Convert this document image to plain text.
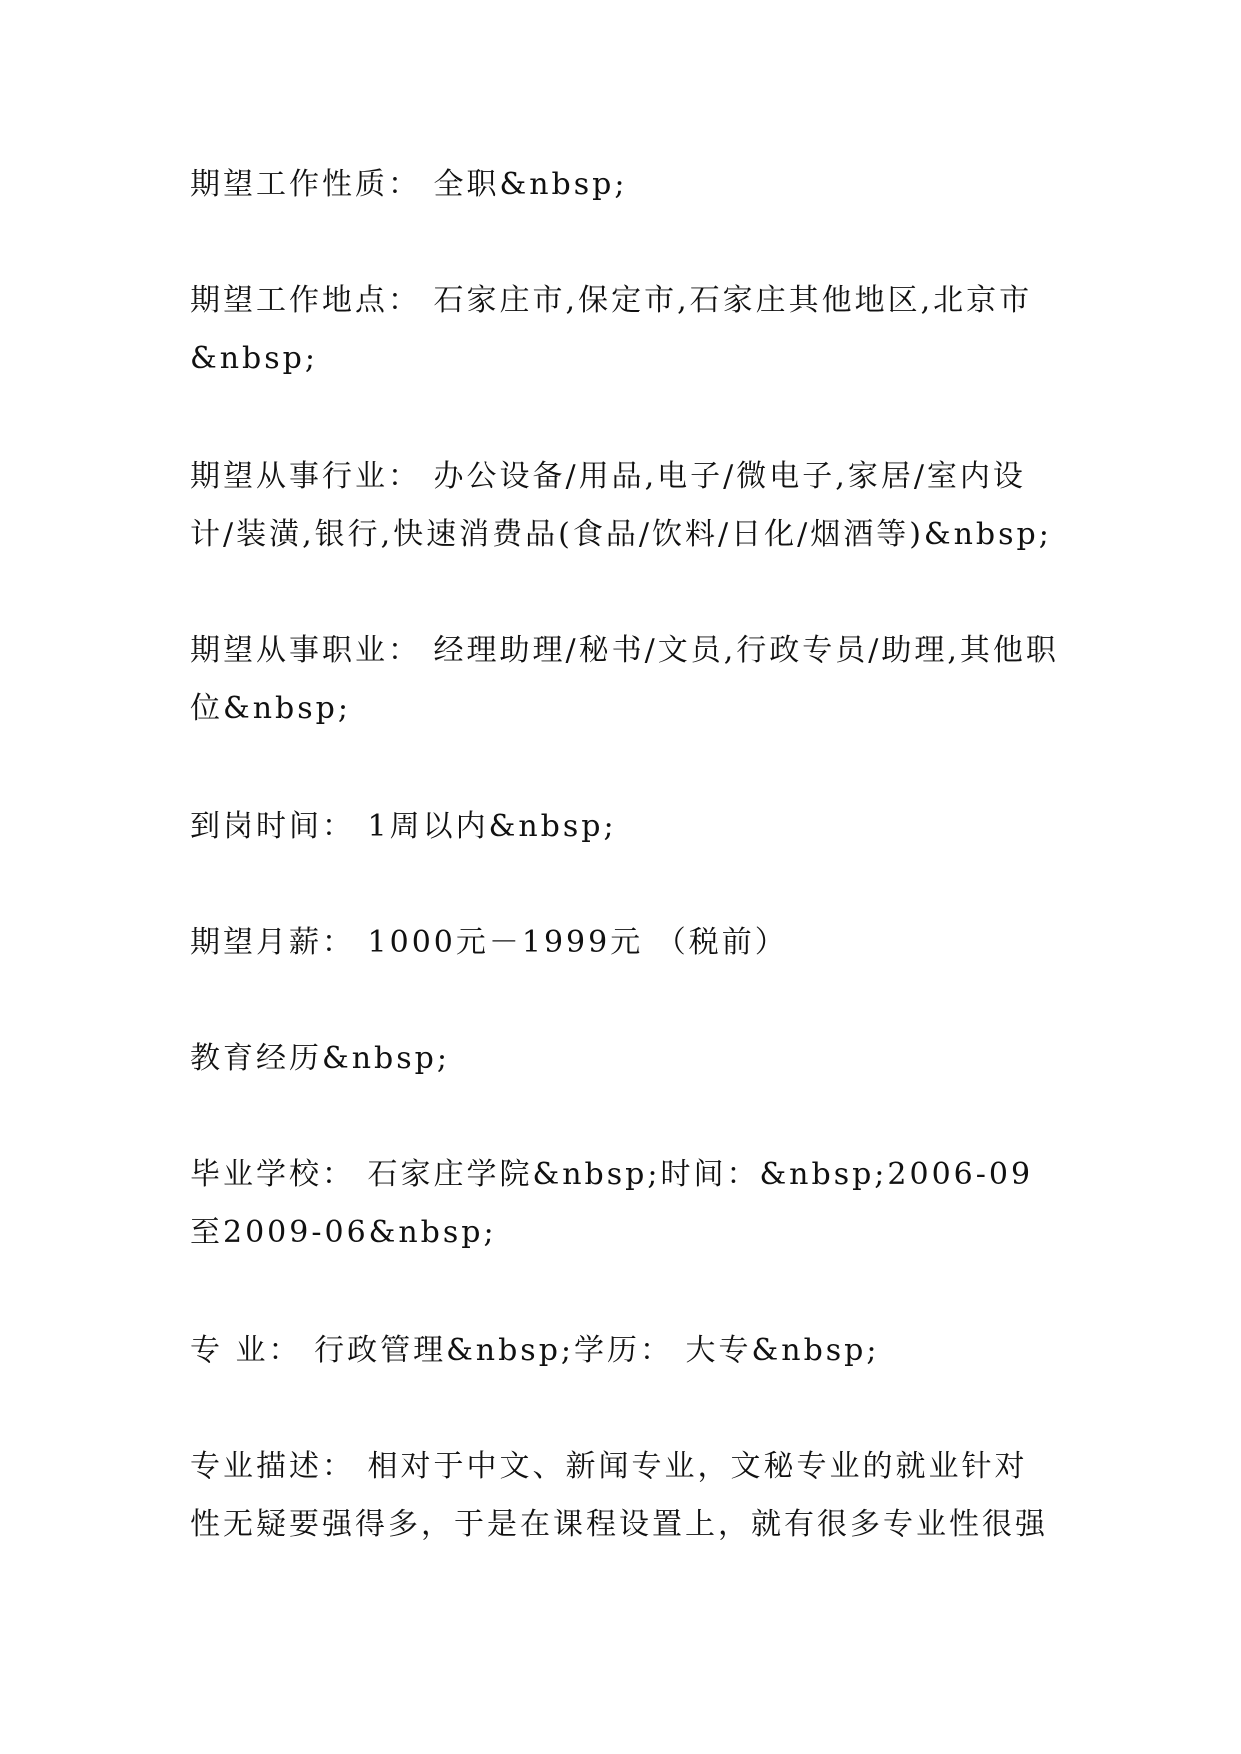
期望工作性质： 全职&nbsp;

期望工作地点： 石家庄市,保定市,石家庄其他地区,北京市&nbsp;

期望从事行业： 办公设备/用品,电子/微电子,家居/室内设计/装潢,银行,快速消费品(食品/饮料/日化/烟酒等)&nbsp;

期望从事职业： 经理助理/秘书/文员,行政专员/助理,其他职位&nbsp;

到岗时间： 1周以内&nbsp;

期望月薪： 1000元－1999元 （税前）

教育经历&nbsp;

毕业学校： 石家庄学院&nbsp;时间：&nbsp;2006-09至2009-06&nbsp;

专 业： 行政管理&nbsp;学历： 大专&nbsp;

专业描述： 相对于中文、新闻专业，文秘专业的就业针对性无疑要强得多，于是在课程设置上，就有很多专业性很强
